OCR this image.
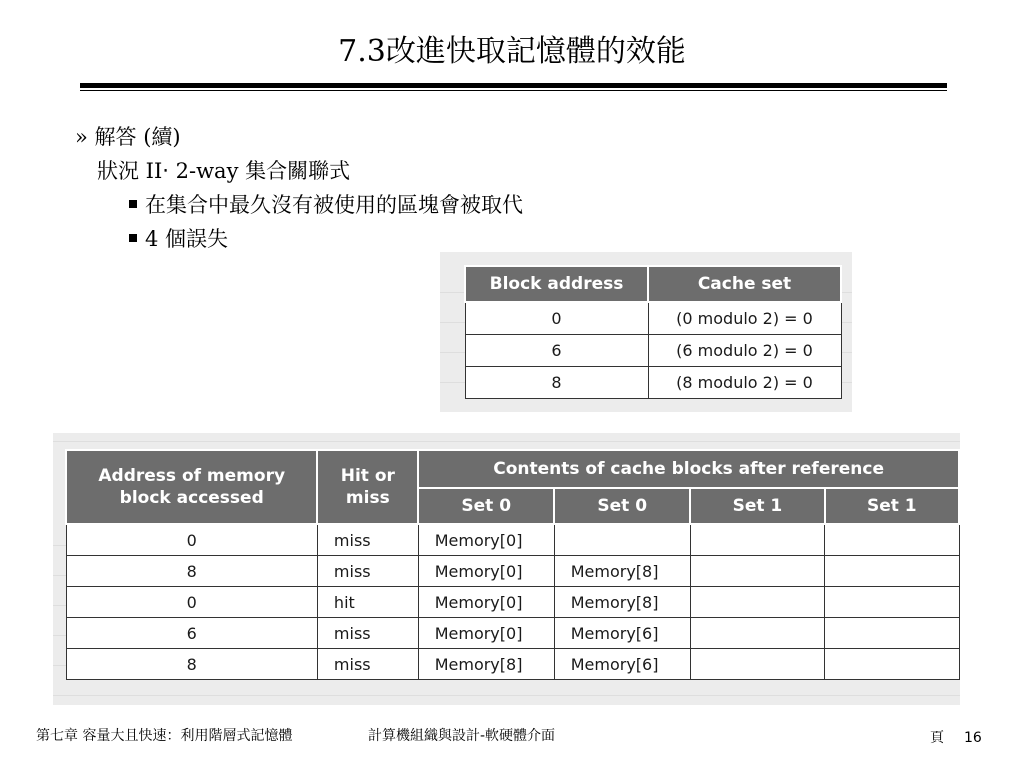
7.3改進快取記憶體的效能
» 解答 (續)
狀況 II‧ 2-way 集合關聯式
在集合中最久沒有被使用的區塊會被取代
4 個誤失
Block address	Cache set
0	(0 modulo 2) = 0
6	(6 modulo 2) = 0
8	(8 modulo 2) = 0
Address of memory block accessed	Hit or miss	Contents of cache blocks after reference			
		Set 0	Set 0	Set 1	Set 1
0	miss	Memory[0]			
8	miss	Memory[0]	Memory[8]		
0	hit	Memory[0]	Memory[8]		
6	miss	Memory[0]	Memory[6]		
8	miss	Memory[8]	Memory[6]		
第七章 容量大且快速：利用階層式記憶體	計算機組織與設計-軟硬體介面	頁 16
